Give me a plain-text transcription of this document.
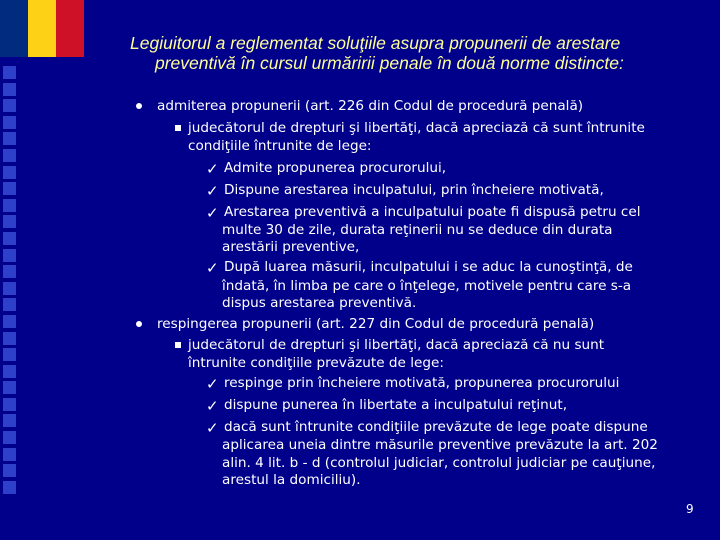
Legiuitorul a reglementat soluţiile asupra propunerii de arestare
preventivă în cursul urmăririi penale în două norme distincte:
✓
✓
✓
✓
✓
✓
✓
admiterea propunerii (art. 226 din Codul de procedură penală)
judecătorul de drepturi şi libertăţi, dacă apreciază că sunt întrunite
condiţiile întrunite de lege:
Admite propunerea procurorului,
Dispune arestarea inculpatului, prin încheiere motivată,
Arestarea preventivă a inculpatului poate fi dispusă petru cel
multe 30 de zile, durata reţinerii nu se deduce din durata
arestării preventive,
După luarea măsurii, inculpatului i se aduc la cunoştinţă, de
îndată, în limba pe care o înţelege, motivele pentru care s-a
dispus arestarea preventivă.
respingerea propunerii (art. 227 din Codul de procedură penală)
judecătorul de drepturi şi libertăţi, dacă apreciază că nu sunt
întrunite condiţiile prevăzute de lege:
respinge prin încheiere motivată, propunerea procurorului
dispune punerea în libertate a inculpatului reţinut,
dacă sunt întrunite condiţiile prevăzute de lege poate dispune
aplicarea uneia dintre măsurile preventive prevăzute la art. 202
alin. 4 lit. b - d (controlul judiciar, controlul judiciar pe cauţiune,
arestul la domiciliu).
9
